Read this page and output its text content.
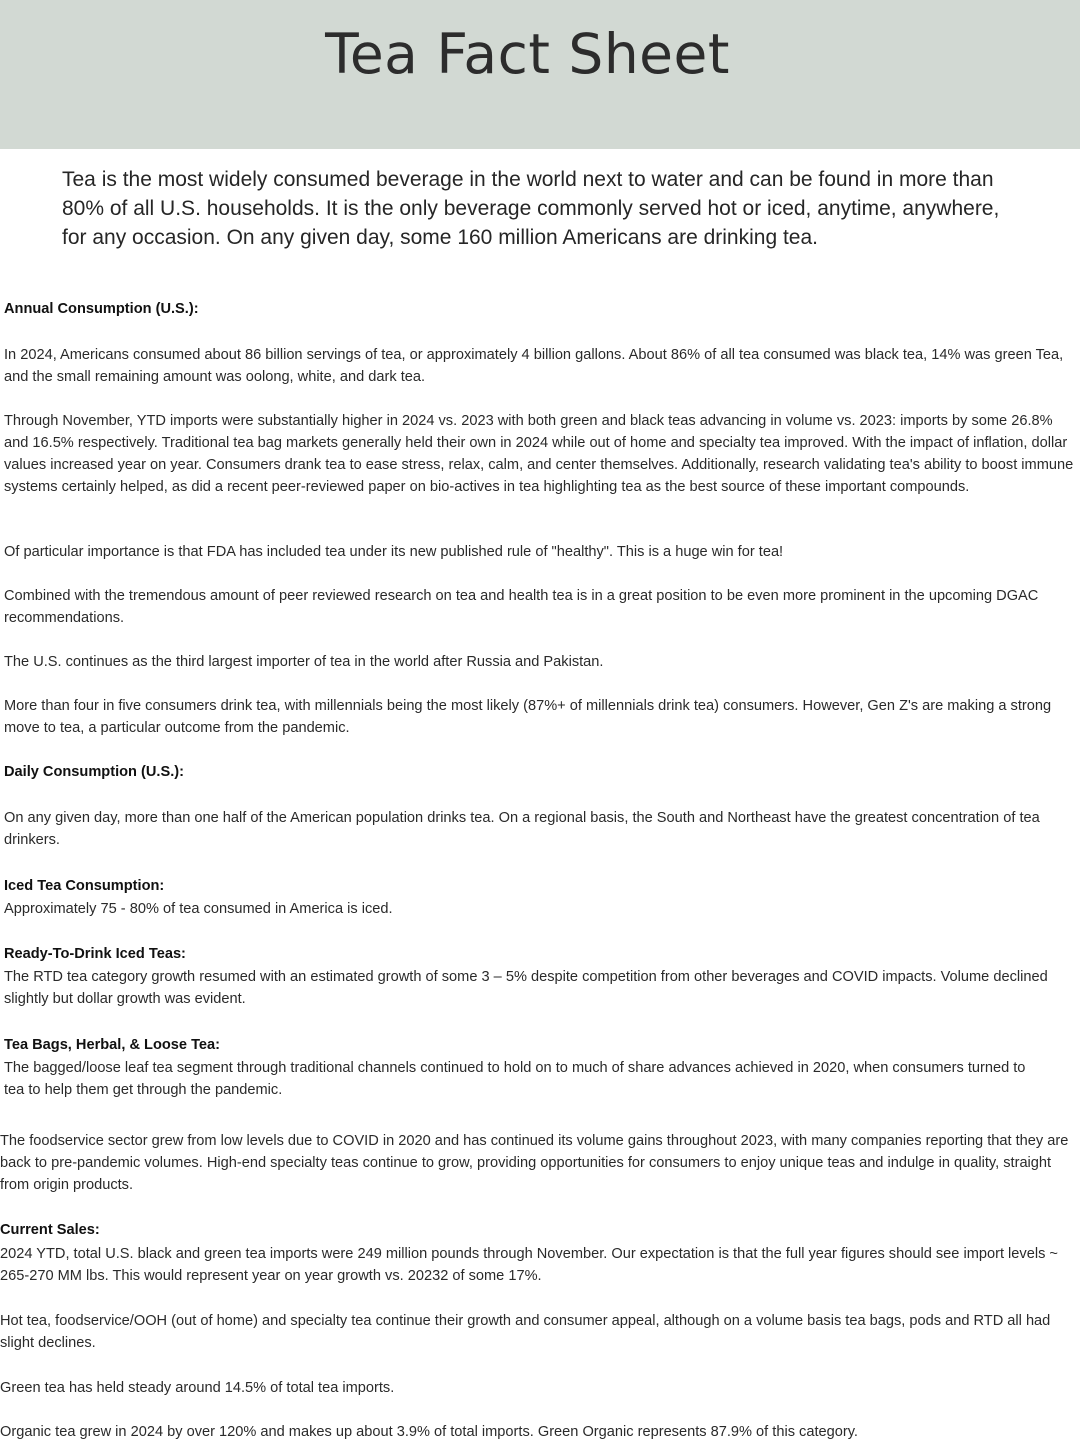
Tea Fact Sheet

Tea is the most widely consumed beverage in the world next to water and can be found in more than 80% of all U.S. households. It is the only beverage commonly served hot or iced, anytime, anywhere, for any occasion. On any given day, some 160 million Americans are drinking tea.

Annual Consumption (U.S.):

In 2024, Americans consumed about 86 billion servings of tea, or approximately 4 billion gallons. About 86% of all tea consumed was black tea, 14% was green Tea, and the small remaining amount was oolong, white, and dark tea.

Through November, YTD imports were substantially higher in 2024 vs. 2023 with both green and black teas advancing in volume vs. 2023: imports by some 26.8% and 16.5% respectively. Traditional tea bag markets generally held their own in 2024 while out of home and specialty tea improved. With the impact of inflation, dollar values increased year on year. Consumers drank tea to ease stress, relax, calm, and center themselves. Additionally, research validating tea's ability to boost immune systems certainly helped, as did a recent peer-reviewed paper on bio-actives in tea highlighting tea as the best source of these important compounds.

Of particular importance is that FDA has included tea under its new published rule of "healthy". This is a huge win for tea!

Combined with the tremendous amount of peer reviewed research on tea and health tea is in a great position to be even more prominent in the upcoming DGAC recommendations.

The U.S. continues as the third largest importer of tea in the world after Russia and Pakistan.

More than four in five consumers drink tea, with millennials being the most likely (87%+ of millennials drink tea) consumers. However, Gen Z's are making a strong move to tea, a particular outcome from the pandemic.

Daily Consumption (U.S.):

On any given day, more than one half of the American population drinks tea. On a regional basis, the South and Northeast have the greatest concentration of tea drinkers.

Iced Tea Consumption:

Approximately 75 - 80% of tea consumed in America is iced.

Ready-To-Drink Iced Teas:

The RTD tea category growth resumed with an estimated growth of some 3 – 5% despite competition from other beverages and COVID impacts. Volume declined slightly but dollar growth was evident.

Tea Bags, Herbal, & Loose Tea:

The bagged/loose leaf tea segment through traditional channels continued to hold on to much of share advances achieved in 2020, when consumers turned to tea to help them get through the pandemic.

The foodservice sector grew from low levels due to COVID in 2020 and has continued its volume gains throughout 2023, with many companies reporting that they are back to pre-pandemic volumes. High-end specialty teas continue to grow, providing opportunities for consumers to enjoy unique teas and indulge in quality, straight from origin products.

Current Sales:

2024 YTD, total U.S. black and green tea imports were 249 million pounds through November. Our expectation is that the full year figures should see import levels ~ 265-270 MM lbs. This would represent year on year growth vs. 20232 of some 17%.

Hot tea, foodservice/OOH (out of home) and specialty tea continue their growth and consumer appeal, although on a volume basis tea bags, pods and RTD all had slight declines.

Green tea has held steady around 14.5% of total tea imports.

Organic tea grew in 2024 by over 120% and makes up about 3.9% of total imports. Green Organic represents 87.9% of this category.
